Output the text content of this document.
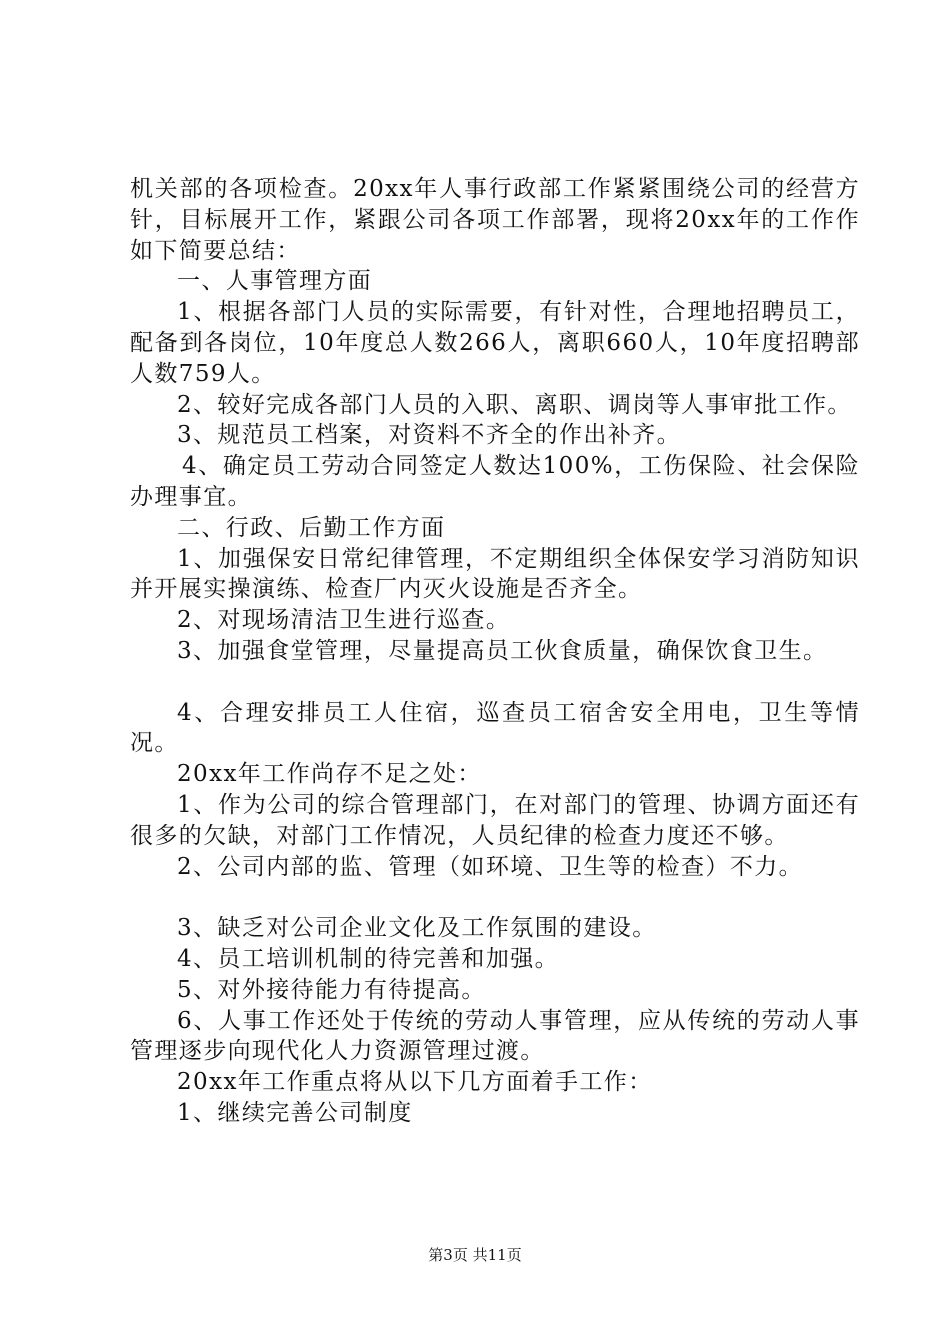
机关部的各项检查。20xx年人事行政部工作紧紧围绕公司的经营方针，目标展开工作，紧跟公司各项工作部署，现将20xx年的工作作如下简要总结：

一、人事管理方面

1、根据各部门人员的实际需要，有针对性，合理地招聘员工，配备到各岗位，10年度总人数266人，离职660人，10年度招聘部人数759人。

2、较好完成各部门人员的入职、离职、调岗等人事审批工作。

3、规范员工档案，对资料不齐全的作出补齐。

4、确定员工劳动合同签定人数达100%，工伤保险、社会保险办理事宜。

二、行政、后勤工作方面

1、加强保安日常纪律管理，不定期组织全体保安学习消防知识并开展实操演练、检查厂内灭火设施是否齐全。

2、对现场清洁卫生进行巡查。

3、加强食堂管理，尽量提高员工伙食质量，确保饮食卫生。

4、合理安排员工人住宿，巡查员工宿舍安全用电，卫生等情况。

20xx年工作尚存不足之处：

1、作为公司的综合管理部门，在对部门的管理、协调方面还有很多的欠缺，对部门工作情况，人员纪律的检查力度还不够。

2、公司内部的监、管理（如环境、卫生等的检查）不力。

3、缺乏对公司企业文化及工作氛围的建设。

4、员工培训机制的待完善和加强。

5、对外接待能力有待提高。

6、人事工作还处于传统的劳动人事管理，应从传统的劳动人事管理逐步向现代化人力资源管理过渡。

20xx年工作重点将从以下几方面着手工作：

1、继续完善公司制度

第3页 共11页
